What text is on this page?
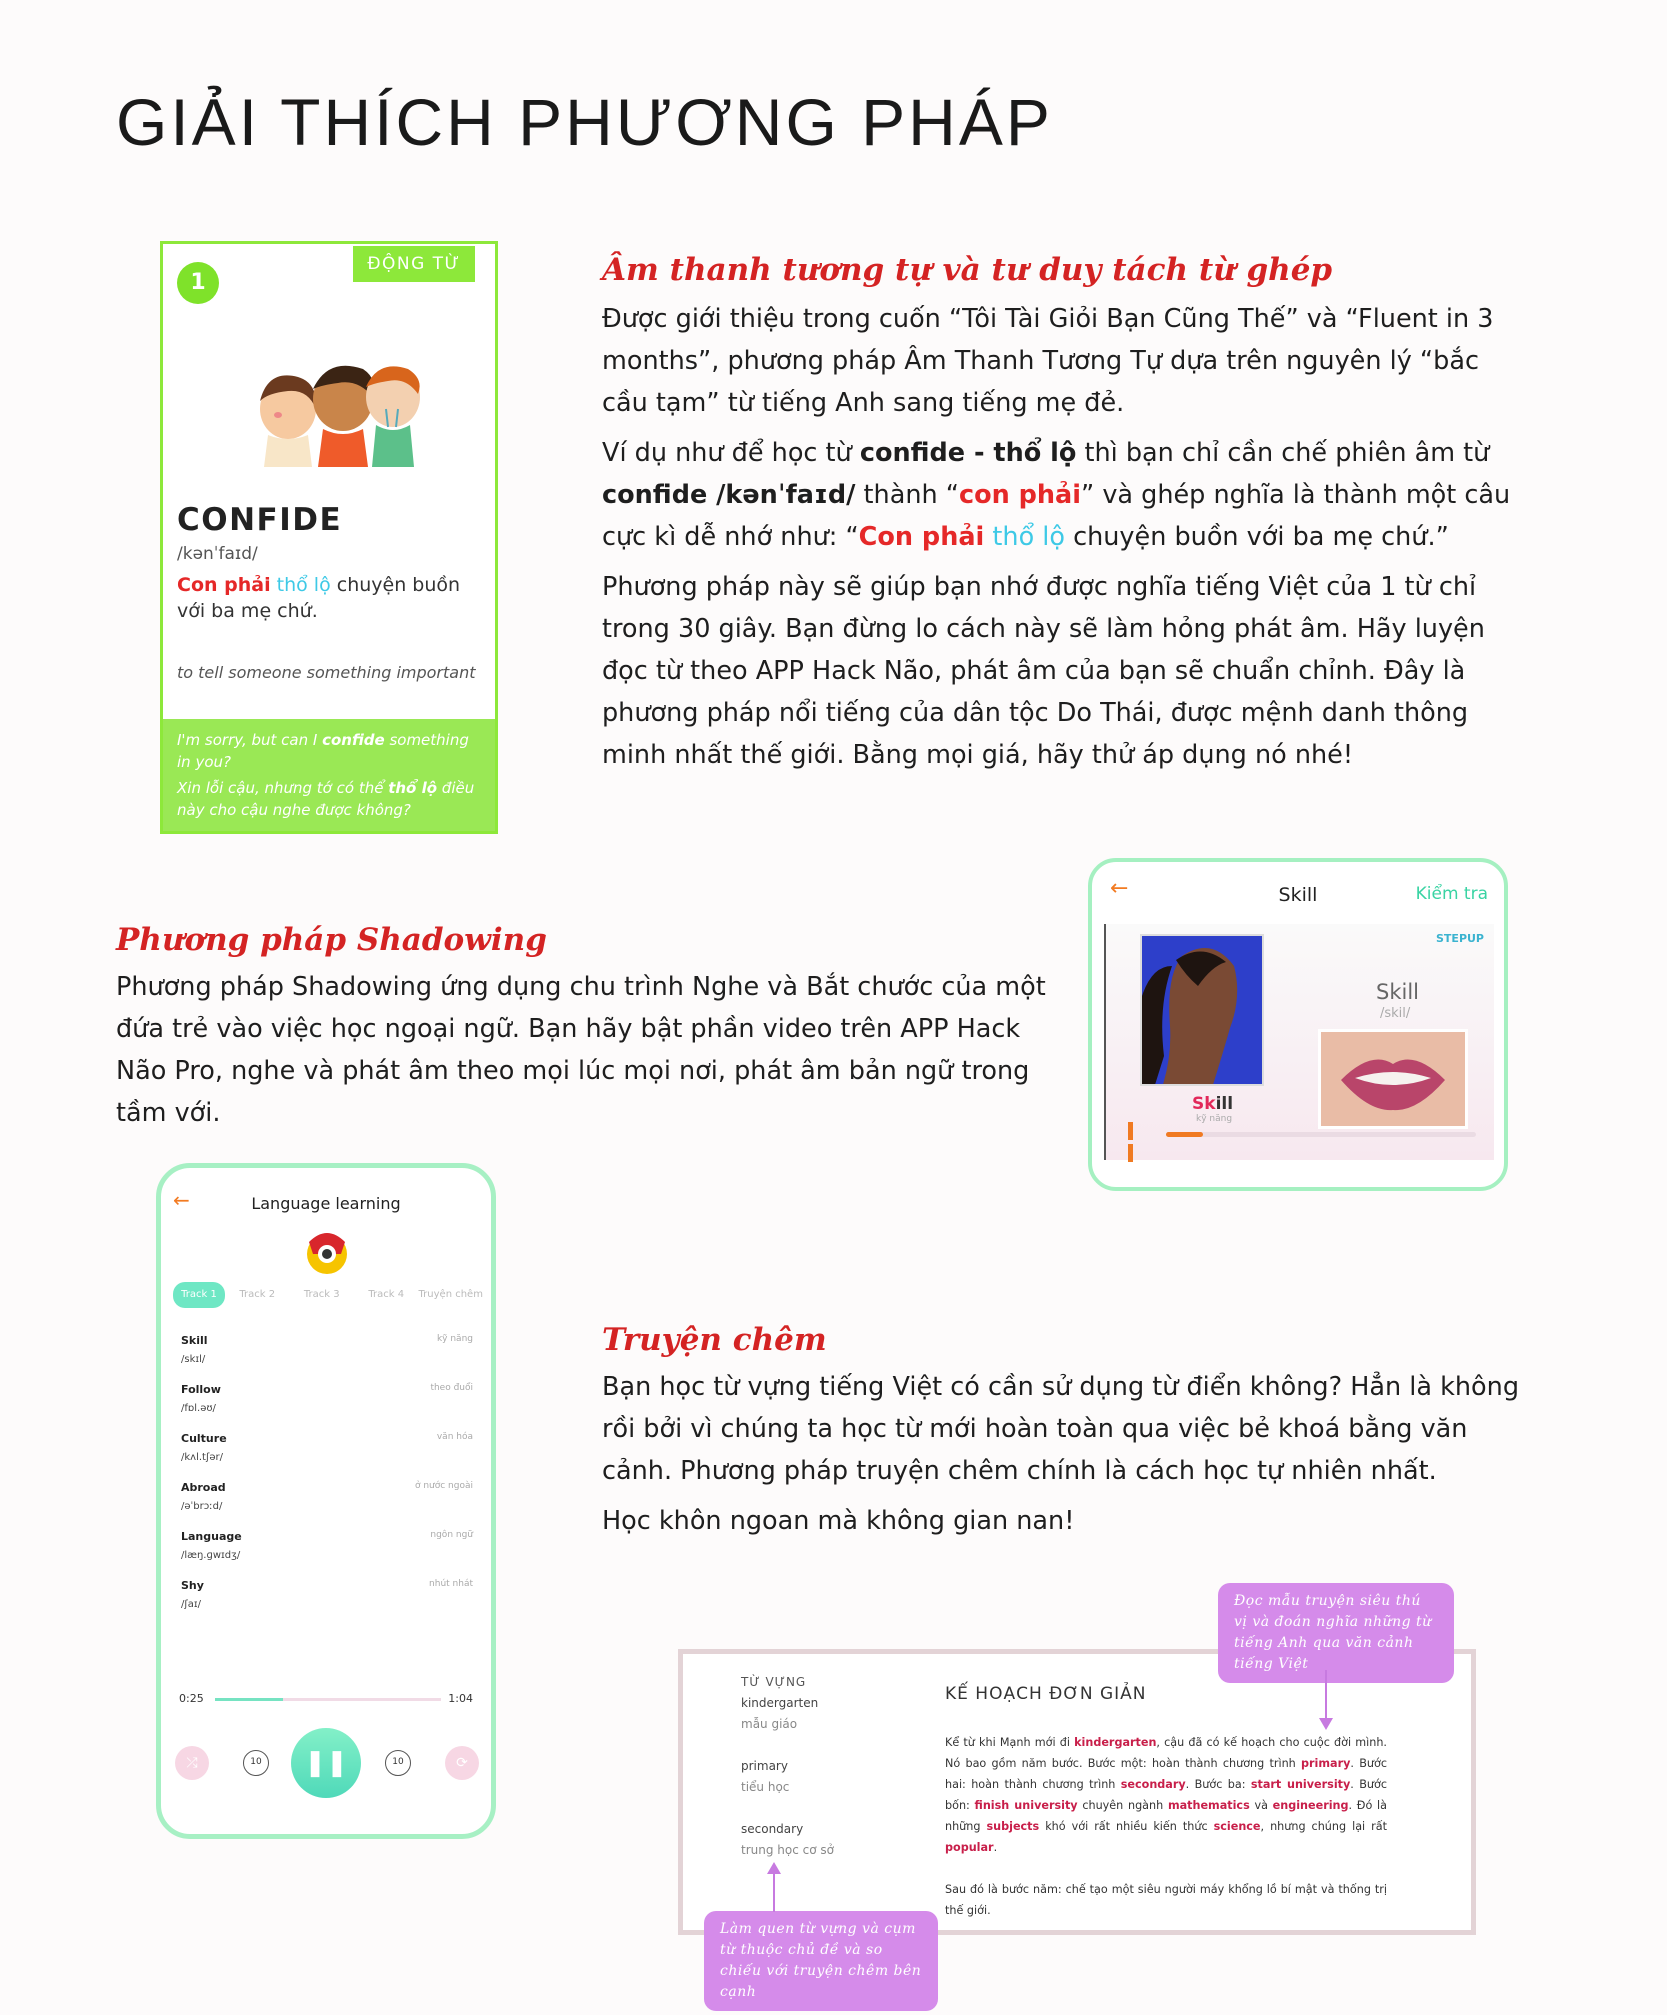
GIẢI THÍCH PHƯƠNG PHÁP
ĐỘNG TỪ
1
CONFIDE
/kənˈfaɪd/
Con phải thổ lộ chuyện buồn với ba mẹ chứ.
to tell someone something important
I'm sorry, but can I confide something in you?
Xin lỗi cậu, nhưng tớ có thể thổ lộ điều này cho cậu nghe được không?
Âm thanh tương tự và tư duy tách từ ghép

Được giới thiệu trong cuốn “Tôi Tài Giỏi Bạn Cũng Thế” và “Fluent in 3 months”, phương pháp Âm Thanh Tương Tự dựa trên nguyên lý “bắc cầu tạm” từ tiếng Anh sang tiếng mẹ đẻ.

Ví dụ như để học từ confide - thổ lộ thì bạn chỉ cần chế phiên âm từ confide /kənˈfaɪd/ thành “con phải” và ghép nghĩa là thành một câu cực kì dễ nhớ như: “Con phải thổ lộ chuyện buồn với ba mẹ chứ.”

Phương pháp này sẽ giúp bạn nhớ được nghĩa tiếng Việt của 1 từ chỉ trong 30 giây. Bạn đừng lo cách này sẽ làm hỏng phát âm. Hãy luyện đọc từ theo APP Hack Não, phát âm của bạn sẽ chuẩn chỉnh. Đây là phương pháp nổi tiếng của dân tộc Do Thái, được mệnh danh thông minh nhất thế giới. Bằng mọi giá, hãy thử áp dụng nó nhé!

Phương pháp Shadowing
Phương pháp Shadowing ứng dụng chu trình Nghe và Bắt chước của một đứa trẻ vào việc học ngoại ngữ. Bạn hãy bật phần video trên APP Hack Não Pro, nghe và phát âm theo mọi lúc mọi nơi, phát âm bản ngữ trong tầm với.
←	Skill	Kiểm tra
STEPUP
Skill
kỹ năng
Skill
/skil/
←	Language learning
Track 1	Track 2	Track 3	Track 4	Truyện chêm
Skill
/skɪl/
kỹ năng
Follow
/fɒl.əʊ/
theo đuổi
Culture
/kʌl.tʃər/
văn hóa
Abroad
/əˈbrɔːd/
ở nước ngoài
Language
/læŋ.ɡwɪdʒ/
ngôn ngữ
Shy
/ʃaɪ/
nhút nhát
0:25	1:04
⤮	10	❚❚	10	⟳
Truyện chêm

Bạn học từ vựng tiếng Việt có cần sử dụng từ điển không? Hẳn là không rồi bởi vì chúng ta học từ mới hoàn toàn qua việc bẻ khoá bằng văn cảnh. Phương pháp truyện chêm chính là cách học tự nhiên nhất.

Học khôn ngoan mà không gian nan!

TỪ VỰNG
kindergarten
mẫu giáo
primary
tiểu học
secondary
trung học cơ sở
KẾ HOẠCH ĐƠN GIẢN

Kể từ khi Mạnh mới đi kindergarten, cậu đã có kế hoạch cho cuộc đời mình. Nó bao gồm năm bước. Bước một: hoàn thành chương trình primary. Bước hai: hoàn thành chương trình secondary. Bước ba: start university. Bước bốn: finish university chuyên ngành mathematics và engineering. Đó là những subjects khó với rất nhiều kiến thức science, nhưng chúng lại rất popular.

Sau đó là bước năm: chế tạo một siêu người máy khổng lồ bí mật và thống trị thế giới.

Đọc mẫu truyện siêu thú vị và đoán nghĩa những từ tiếng Anh qua văn cảnh tiếng Việt
Làm quen từ vựng và cụm từ thuộc chủ đề và so chiếu với truyện chêm bên cạnh
